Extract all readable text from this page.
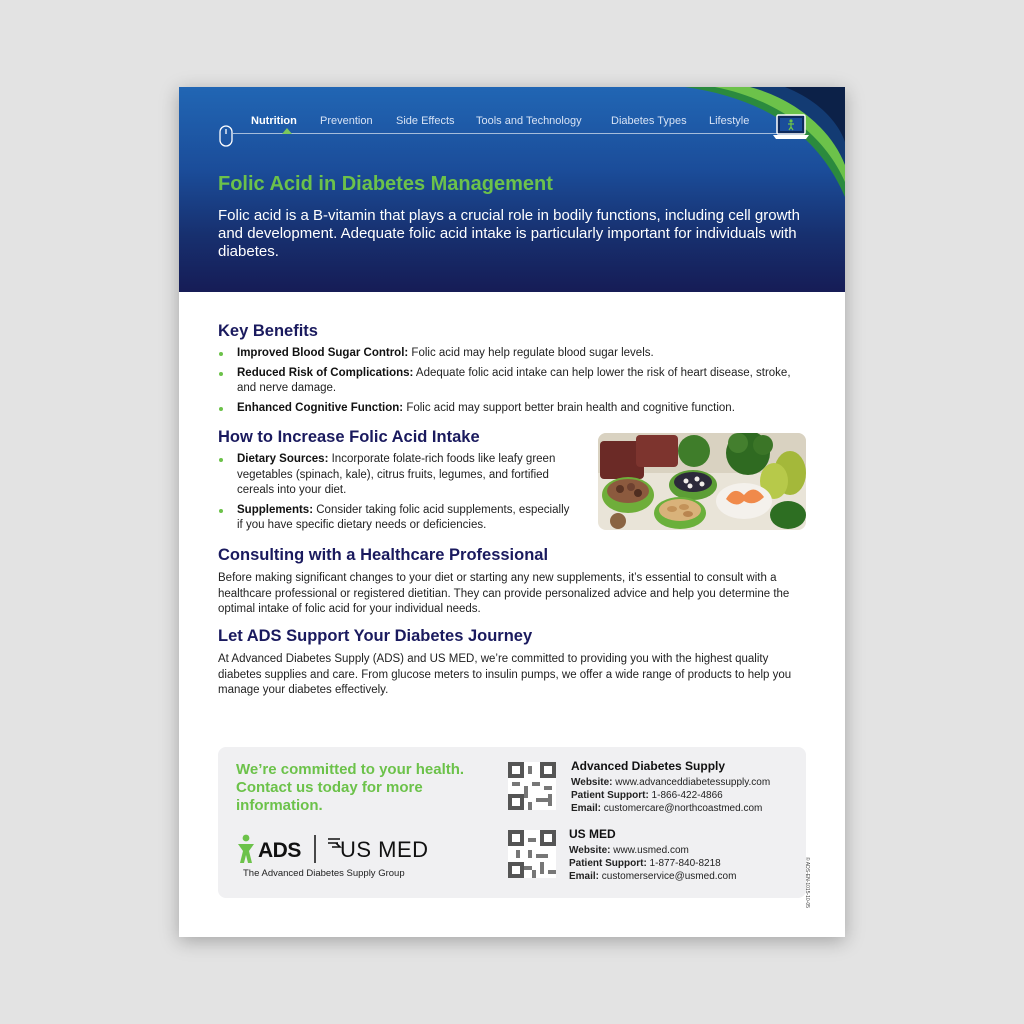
Nutrition Prevention Side Effects Tools and Technology	Diabetes Types Lifestyle
Folic Acid in Diabetes Management

Folic acid is a B-vitamin that plays a crucial role in bodily functions, including cell growth and development. Adequate folic acid intake is particularly important for individuals with diabetes.

Key Benefits
Improved Blood Sugar Control: Folic acid may help regulate blood sugar levels.
Reduced Risk of Complications: Adequate folic acid intake can help lower the risk of heart disease, stroke, and nerve damage.
Enhanced Cognitive Function: Folic acid may support better brain health and cognitive function.
How to Increase Folic Acid Intake
Dietary Sources: Incorporate folate-rich foods like leafy green vegetables (spinach, kale), citrus fruits, legumes, and fortified cereals into your diet.
Supplements: Consider taking folic acid supplements, especially if you have specific dietary needs or deficiencies.
Consulting with a Healthcare Professional

Before making significant changes to your diet or starting any new supplements, it’s essential to consult with a healthcare professional or registered dietitian. They can provide personalized advice and help you determine the optimal intake of folic acid for your individual needs.

Let ADS Support Your Diabetes Journey

At Advanced Diabetes Supply (ADS) and US MED, we’re committed to providing you with the highest quality diabetes supplies and care. From glucose meters to insulin pumps, we offer a wide range of products to help you manage your diabetes effectively.

We’re committed to your health. Contact us today for more information.
ADS US MED
The Advanced Diabetes Supply Group
Advanced Diabetes Supply
Website: www.advanceddiabetessupply.com
Patient Support: 1-866-422-4866
Email: customercare@northcoastmed.com
US MED
Website: www.usmed.com
Patient Support: 1-877-840-8218
Email: customerservice@usmed.com	© ADS-EN-1015-10-05
